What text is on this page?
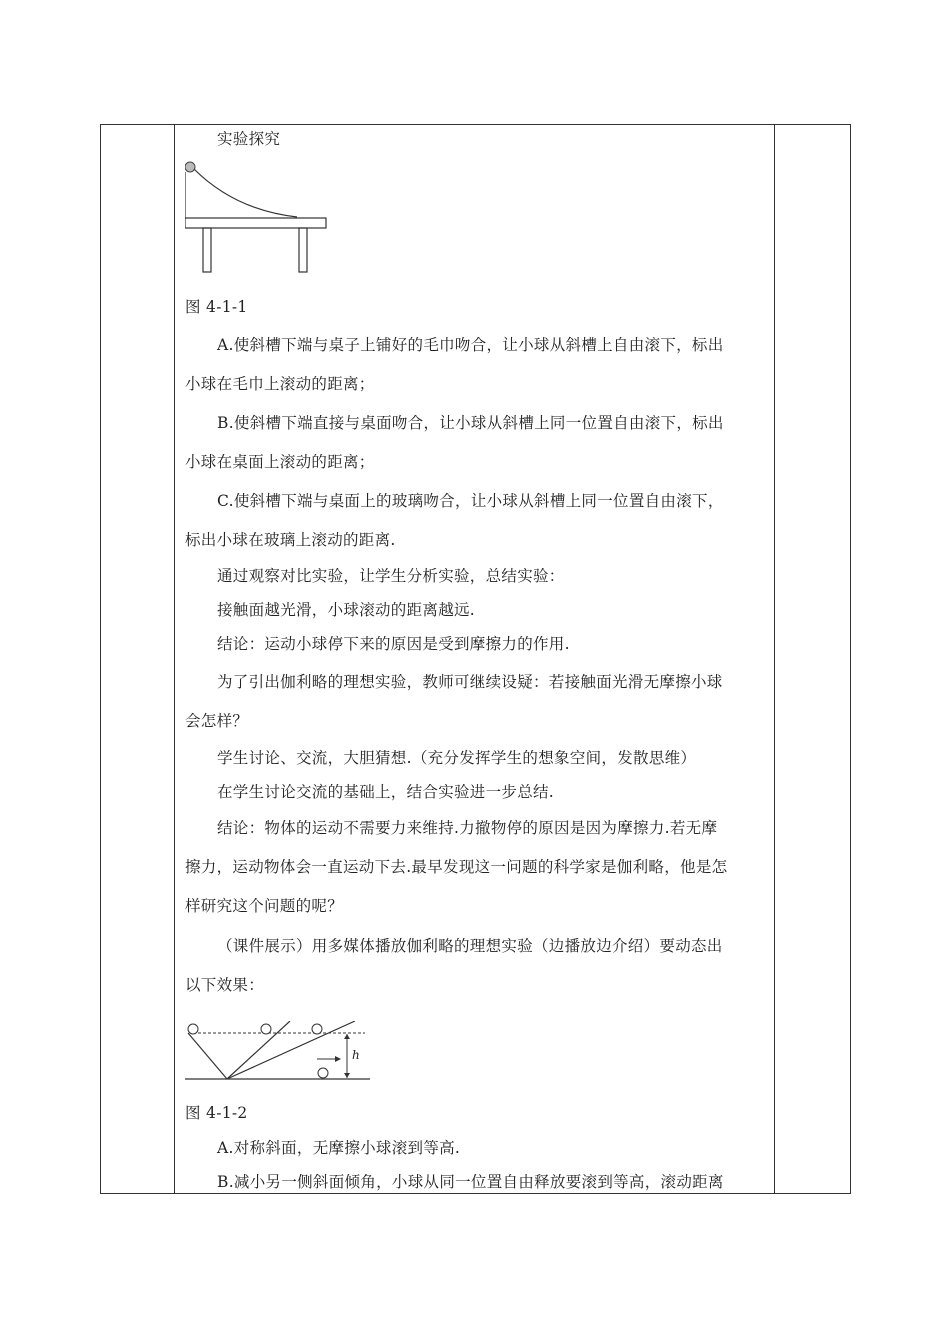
实验探究
图 4-1-1
A.使斜槽下端与桌子上铺好的毛巾吻合，让小球从斜槽上自由滚下，标出
小球在毛巾上滚动的距离；
B.使斜槽下端直接与桌面吻合，让小球从斜槽上同一位置自由滚下，标出
小球在桌面上滚动的距离；
C.使斜槽下端与桌面上的玻璃吻合，让小球从斜槽上同一位置自由滚下，
标出小球在玻璃上滚动的距离.
通过观察对比实验，让学生分析实验，总结实验：
接触面越光滑，小球滚动的距离越远.
结论：运动小球停下来的原因是受到摩擦力的作用.
为了引出伽利略的理想实验，教师可继续设疑：若接触面光滑无摩擦小球
会怎样？
学生讨论、交流，大胆猜想.（充分发挥学生的想象空间，发散思维）
在学生讨论交流的基础上，结合实验进一步总结.
结论：物体的运动不需要力来维持.力撤物停的原因是因为摩擦力.若无摩
擦力，运动物体会一直运动下去.最早发现这一问题的科学家是伽利略，他是怎
样研究这个问题的呢？
（课件展示）用多媒体播放伽利略的理想实验（边播放边介绍）要动态出
以下效果：
h
图 4-1-2
A.对称斜面，无摩擦小球滚到等高.
B.减小另一侧斜面倾角，小球从同一位置自由释放要滚到等高，滚动距离
